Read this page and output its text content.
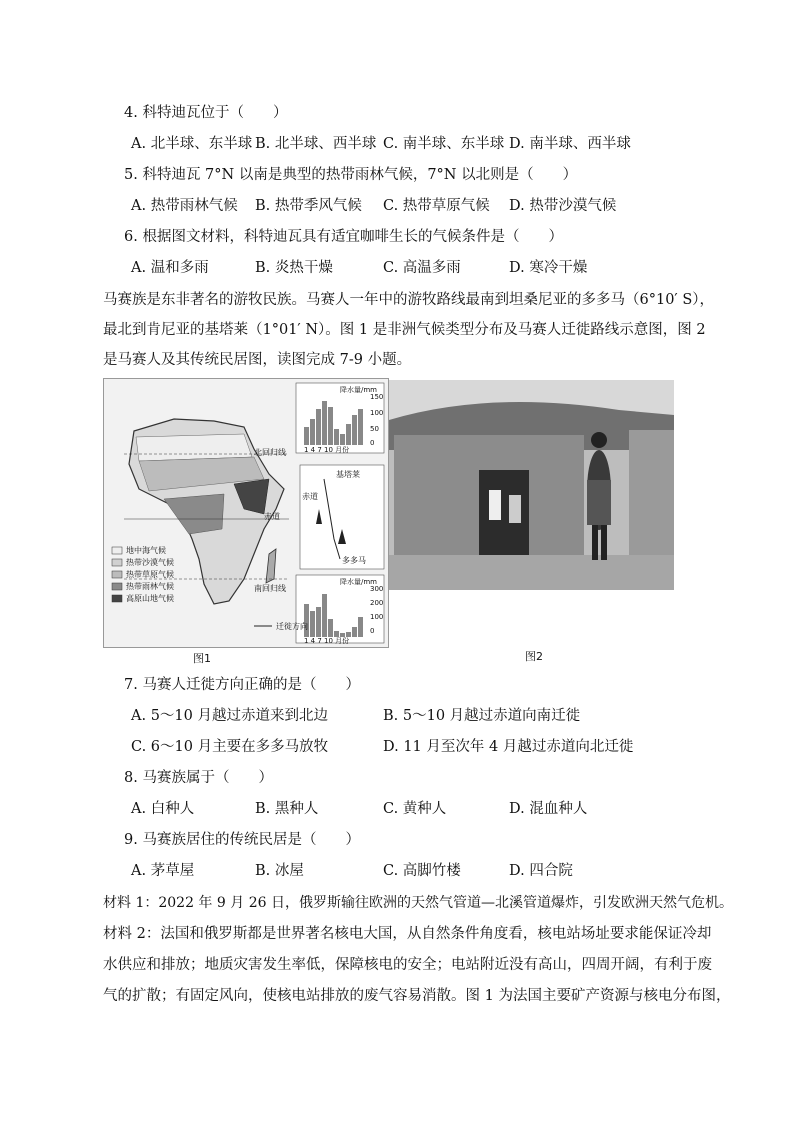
4. 科特迪瓦位于（　　）
A. 北半球、东半球 B. 北半球、西半球 C. 南半球、东半球 D. 南半球、西半球
5. 科特迪瓦 7°N 以南是典型的热带雨林气候，7°N 以北则是（　　）
A. 热带雨林气候 B. 热带季风气候 C. 热带草原气候 D. 热带沙漠气候
6. 根据图文材料，科特迪瓦具有适宜咖啡生长的气候条件是（　　）
A. 温和多雨	B. 炎热干燥	C. 高温多雨	D. 寒冷干燥
马赛族是东非著名的游牧民族。马赛人一年中的游牧路线最南到坦桑尼亚的多多马（6°10′ S），
最北到肯尼亚的基塔莱（1°01′ N）。图 1 是非洲气候类型分布及马赛人迁徙路线示意图，图 2
是马赛人及其传统民居图，读图完成 7-9 小题。
地中海气候
热带沙漠气候
热带草原气候
热带雨林气候
高原山地气候
北回归线
赤道
南回归线
基塔莱
多多马
赤道
迁徙方向
降水量/mm
降水量/mm
1 4 7 10 月份
1 4 7 10 月份
150
100
50
0
300
200
100
0
图1	图2
7. 马赛人迁徙方向正确的是（　　）
A. 5～10 月越过赤道来到北边	B. 5～10 月越过赤道向南迁徙
C. 6～10 月主要在多多马放牧	D. 11 月至次年 4 月越过赤道向北迁徙
8. 马赛族属于（　　）
A. 白种人	B. 黑种人	C. 黄种人	D. 混血种人
9. 马赛族居住的传统民居是（　　）
A. 茅草屋	B. 冰屋	C. 高脚竹楼	D. 四合院
材料 1：2022 年 9 月 26 日，俄罗斯输往欧洲的天然气管道—北溪管道爆炸，引发欧洲天然气危机。
材料 2：法国和俄罗斯都是世界著名核电大国，从自然条件角度看，核电站场址要求能保证冷却
水供应和排放；地质灾害发生率低，保障核电的安全；电站附近没有高山，四周开阔，有利于废
气的扩散；有固定风向，使核电站排放的废气容易消散。图 1 为法国主要矿产资源与核电分布图，
